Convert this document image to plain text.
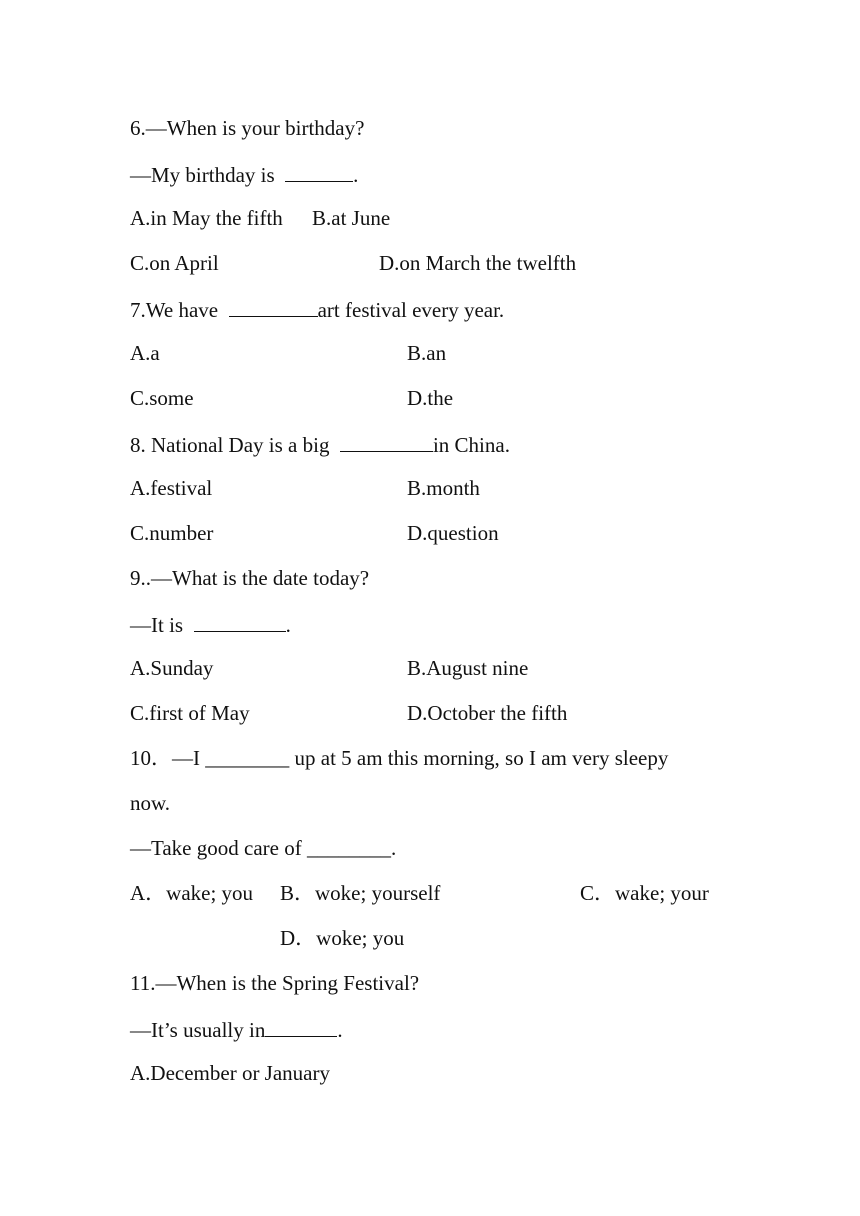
6.—When is your birthday?
—My birthday is	.
A.in May the fifth B.at June
C.on April	D.on March the twelfth
7.We have	art festival every year.
A.a	B.an
C.some	D.the
8. National Day is a big	in China.
A.festival	B.month
C.number	D.question
9..—What is the date today?
—It is	.
A.Sunday	B.August nine
C.first of May	D.October the fifth
10．—I ________ up at 5 am this morning, so I am very sleepy
now.
—Take good care of ________.
A．wake; you B．woke; yourself	C．wake; your
D．woke; you
11.—When is the Spring Festival?
—It’s usually in	.
A.December or January
